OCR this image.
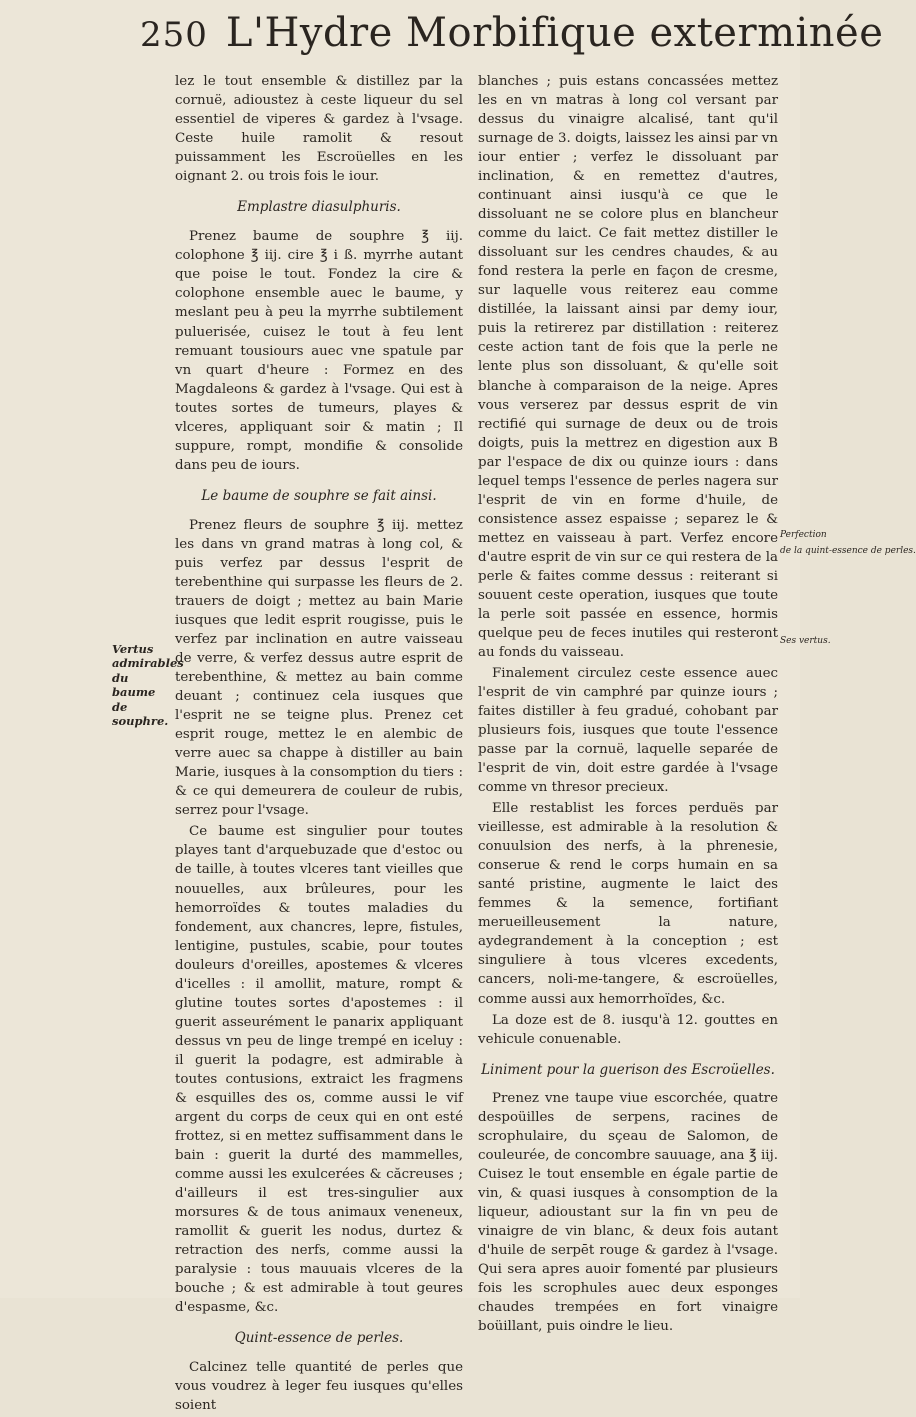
250 L'Hydre Morbifique exterminée

lez le tout ensemble & distillez par la cornuë, adioustez à ceste liqueur du sel essentiel de viperes & gardez à l'vsage. Ceste huile ramolit & resout puissamment les Escroüelles en les oignant 2. ou trois fois le iour.

Emplastre diasulphuris.

Prenez baume de souphre ℥ iij. colophone ℥ iij. cire ℥ i ß. myrrhe autant que poise le tout. Fondez la cire & colophone ensemble auec le baume, y meslant peu à peu la myrrhe subtilement puluerisée, cuisez le tout à feu lent remuant tousiours auec vne spatule par vn quart d'heure : Formez en des Magdaleons & gardez à l'vsage. Qui est à toutes sortes de tumeurs, playes & vlceres, appliquant soir & matin ; Il suppure, rompt, mondifie & consolide dans peu de iours.

Le baume de souphre se fait ainsi.

Prenez fleurs de souphre ℥ iij. mettez les dans vn grand matras à long col, & puis verfez par dessus l'esprit de terebenthine qui surpasse les fleurs de 2. trauers de doigt ; mettez au bain Marie iusques que ledit esprit rougisse, puis le verfez par inclination en autre vaisseau de verre, & verfez dessus autre esprit de terebenthine, & mettez au bain comme deuant ; continuez cela iusques que l'esprit ne se teigne plus. Prenez cet esprit rouge, mettez le en alembic de verre auec sa chappe à distiller au bain Marie, iusques à la consomption du tiers : & ce qui demeurera de couleur de rubis, serrez pour l'vsage.

Ce baume est singulier pour toutes playes tant d'arquebuzade que d'estoc ou de taille, à toutes vlceres tant vieilles que nouuelles, aux brûleures, pour les hemorroïdes & toutes maladies du fondement, aux chancres, lepre, fistules, lentigine, pustules, scabie, pour toutes douleurs d'oreilles, apostemes & vlceres d'icelles : il amollit, mature, rompt & glutine toutes sortes d'apostemes : il guerit asseurément le panarix appliquant dessus vn peu de linge trempé en iceluy : il guerit la podagre, est admirable à toutes contusions, extraict les fragmens & esquilles des os, comme aussi le vif argent du corps de ceux qui en ont esté frottez, si en mettez suffisamment dans le bain : guerit la durté des mammelles, comme aussi les exulcerées & căcreuses ; d'ailleurs il est tres-singulier aux morsures & de tous animaux veneneux, ramollit & guerit les nodus, durtez & retraction des nerfs, comme aussi la paralysie : tous mauuais vlceres de la bouche ; & est admirable à tout geures d'espasme, &c.

Quint-essence de perles.

Calcinez telle quantité de perles que vous voudrez à leger feu iusques qu'elles soient

Vertus admirables du baume de souphre.

blanches ; puis estans concassées mettez les en vn matras à long col versant par dessus du vinaigre alcalisé, tant qu'il surnage de 3. doigts, laissez les ainsi par vn iour entier ; verfez le dissoluant par inclination, & en remettez d'autres, continuant ainsi iusqu'à ce que le dissoluant ne se colore plus en blancheur comme du laict. Ce fait mettez distiller le dissoluant sur les cendres chaudes, & au fond restera la perle en façon de cresme, sur laquelle vous reiterez eau comme distillée, la laissant ainsi par demy iour, puis la retirerez par distillation : reiterez ceste action tant de fois que la perle ne lente plus son dissoluant, & qu'elle soit blanche à comparaison de la neige. Apres vous verserez par dessus esprit de vin rectifié qui surnage de deux ou de trois doigts, puis la mettrez en digestion aux B par l'espace de dix ou quinze iours : dans lequel temps l'essence de perles nagera sur l'esprit de vin en forme d'huile, de consistence assez espaisse ; separez le & mettez en vaisseau à part. Verfez encore d'autre esprit de vin sur ce qui restera de la perle & faites comme dessus : reiterant si souuent ceste operation, iusques que toute la perle soit passée en essence, hormis quelque peu de feces inutiles qui resteront au fonds du vaisseau.

Finalement circulez ceste essence auec l'esprit de vin camphré par quinze iours ; faites distiller à feu gradué, cohobant par plusieurs fois, iusques que toute l'essence passe par la cornuë, laquelle separée de l'esprit de vin, doit estre gardée à l'vsage comme vn thresor precieux.

Elle restablist les forces perduës par vieillesse, est admirable à la resolution & conuulsion des nerfs, à la phrenesie, conserue & rend le corps humain en sa santé pristine, augmente le laict des femmes & la semence, fortifiant merueilleusement la nature, aydegrandement à la conception ; est singuliere à tous vlceres excedents, cancers, noli-me-tangere, & escroüelles, comme aussi aux hemorrhoïdes, &c.

La doze est de 8. iusqu'à 12. gouttes en vehicule conuenable.

Liniment pour la guerison des Escroüelles.

Prenez vne taupe viue escorchée, quatre despoüilles de serpens, racines de scrophulaire, du sçeau de Salomon, de couleurée, de concombre sauuage, ana ℥ iij. Cuisez le tout ensemble en égale partie de vin, & quasi iusques à consomption de la liqueur, adioustant sur la fin vn peu de vinaigre de vin blanc, & deux fois autant d'huile de serpēt rouge & gardez à l'vsage. Qui sera apres auoir fomenté par plusieurs fois les scrophules auec deux esponges chaudes trempées en fort vinaigre boüillant, puis oindre le lieu.

Perfection
de la quint-essence de perles.
Ses vertus.
